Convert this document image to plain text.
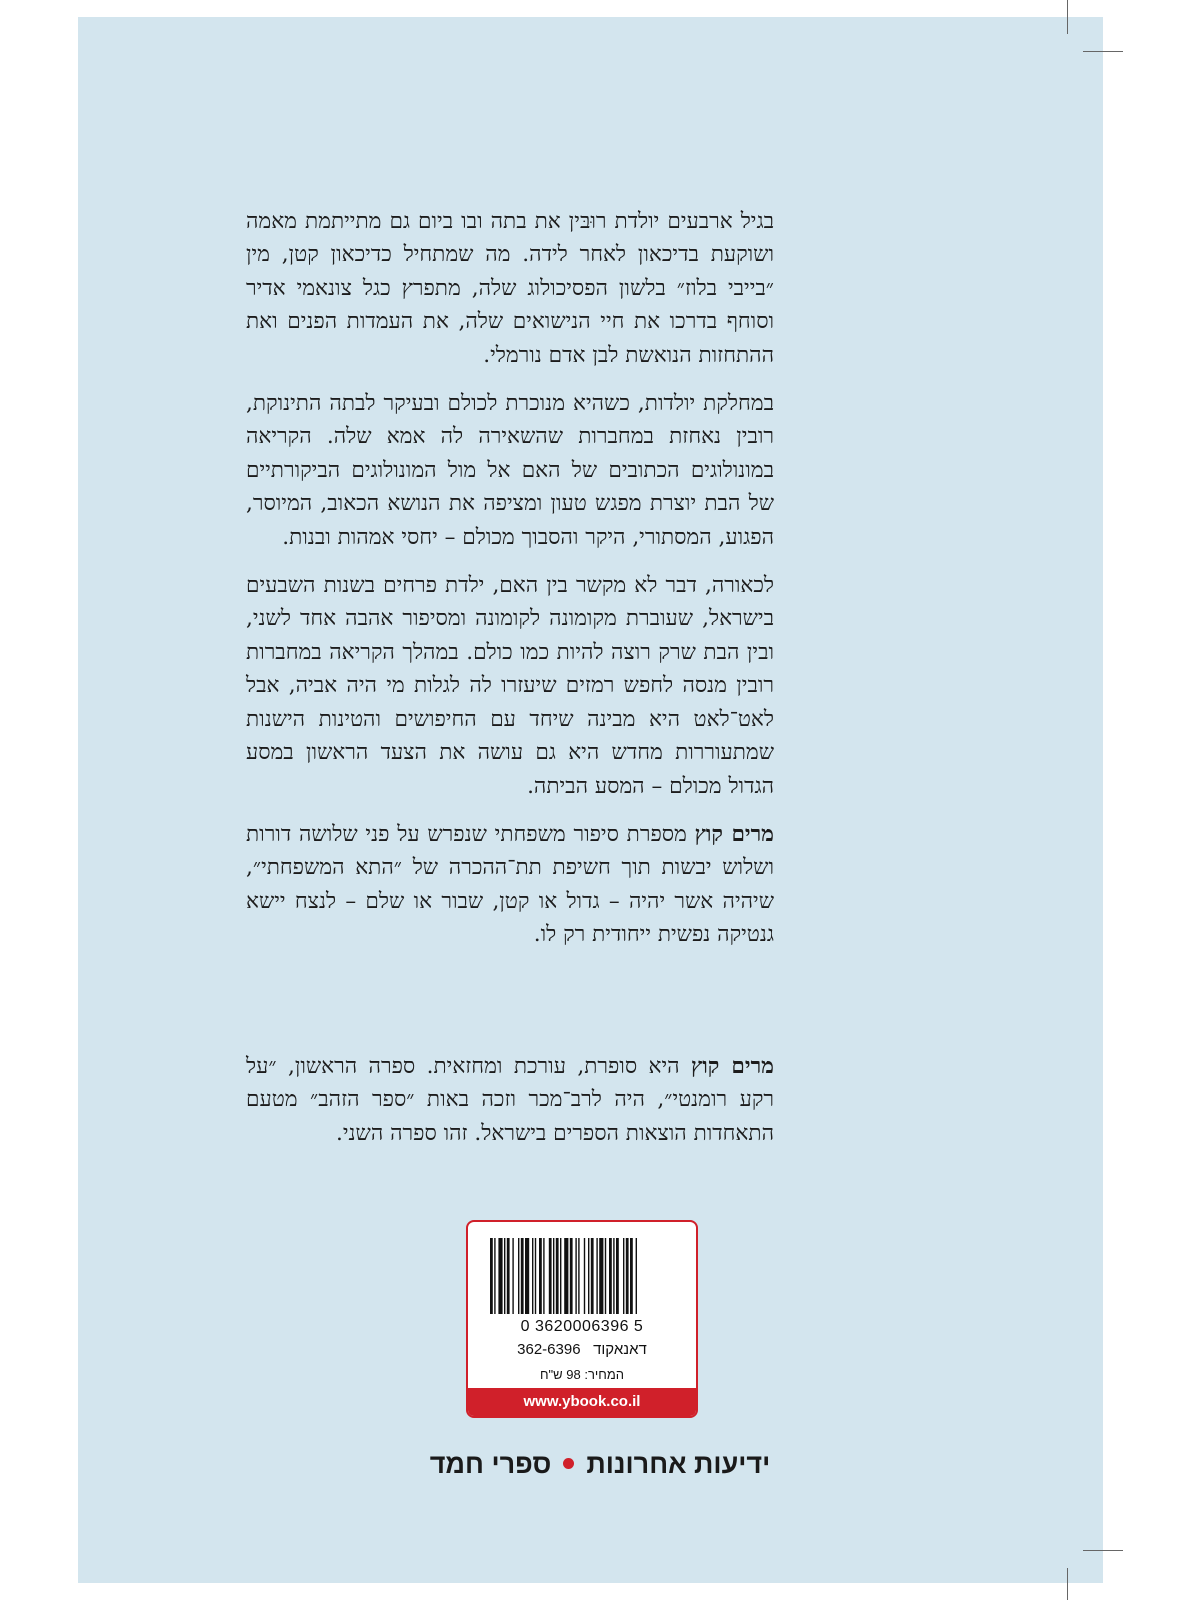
בגיל ארבעים יולדת רוּבּין את בתה ובו ביום גם מתייתמת מאמה ושוקעת בדיכאון לאחר לידה. מה שמתחיל כדיכאון קטן, מין ״בייבי בלוז״ בלשון הפסיכולוג שלה, מתפרץ כגל צונאמי אדיר וסוחף בדרכו את חיי הנישואים שלה, את העמדות הפנים ואת ההתחזות הנואשת לבן אדם נורמלי.

במחלקת יולדות, כשהיא מנוכרת לכולם ובעיקר לבתה התינוקת, רובין נאחזת במחברות שהשאירה לה אמא שלה. הקריאה במונולוגים הכתובים של האם אל מול המונולוגים הביקורתיים של הבת יוצרת מפגש טעון ומציפה את הנושא הכאוב, המיוסר, הפגוע, המסתורי, היקר והסבוך מכולם – יחסי אמהות ובנות.

לכאורה, דבר לא מקשר בין האם, ילדת פרחים בשנות השבעים בישראל, שעוברת מקומונה לקומונה ומסיפור אהבה אחד לשני, ובין הבת שרק רוצה להיות כמו כולם. במהלך הקריאה במחברות רובין מנסה לחפש רמזים שיעזרו לה לגלות מי היה אביה, אבל לאט־לאט היא מבינה שיחד עם החיפושים והטינות הישנות שמתעוררות מחדש היא גם עושה את הצעד הראשון במסע הגדול מכולם – המסע הביתה.

מרים קוץ מספרת סיפור משפחתי שנפרש על פני שלושה דורות ושלוש יבשות תוך חשיפת תת־ההכרה של ״התא המשפחתי״, שיהיה אשר יהיה – גדול או קטן, שבור או שלם – לנצח יישא גנטיקה נפשית ייחודית רק לו.

מרים קוץ היא סופרת, עורכת ומחזאית. ספרה הראשון, ״על רקע רומנטי״, היה לרב־מכר וזכה באות ״ספר הזהב״ מטעם התאחדות הוצאות הספרים בישראל. זהו ספרה השני.

0 3620006396 5
דאנאקוד   362-6396
המחיר: 98 ש"ח
www.ybook.co.il
ידיעות אחרונותספרי חמד
